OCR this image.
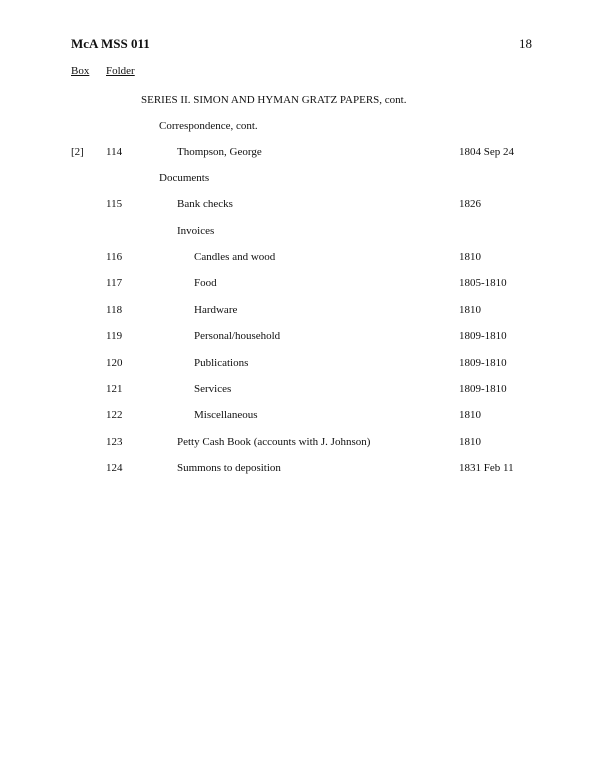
McA MSS 011	18
Box Folder
SERIES II. SIMON AND HYMAN GRATZ PAPERS, cont.
Correspondence, cont.
[2] 114	Thompson, George	1804 Sep 24
Documents
115	Bank checks	1826
Invoices
116	Candles and wood	1810
117	Food	1805-1810
118	Hardware	1810
119	Personal/household	1809-1810
120	Publications	1809-1810
121	Services	1809-1810
122	Miscellaneous	1810
123	Petty Cash Book (accounts with J. Johnson)	1810
124	Summons to deposition	1831 Feb 11
